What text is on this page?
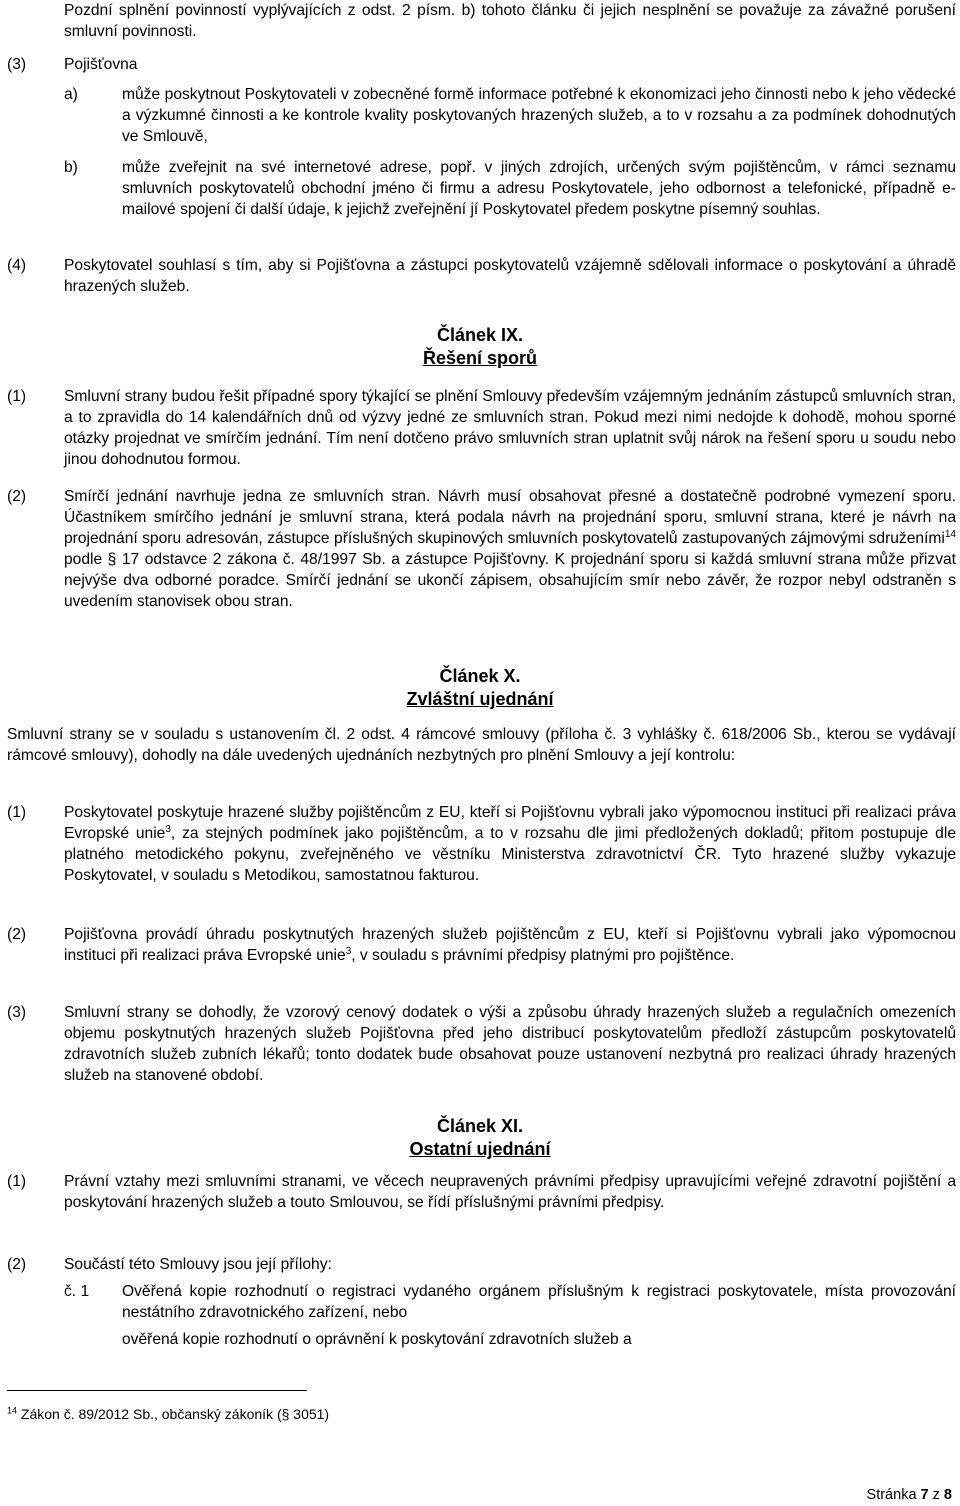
Pozdní splnění povinností vyplývajících z odst. 2 písm. b) tohoto článku či jejich nesplnění se považuje za závažné porušení smluvní povinnosti.
(3) Pojišťovna
a)	může poskytnout Poskytovateli v zobecněné formě informace potřebné k ekonomizaci jeho činnosti nebo k jeho vědecké a výzkumné činnosti a ke kontrole kvality poskytovaných hrazených služeb, a to v rozsahu a za podmínek dohodnutých ve Smlouvě,
b)	může zveřejnit na své internetové adrese, popř. v jiných zdrojích, určených svým pojištěncům, v rámci seznamu smluvních poskytovatelů obchodní jméno či firmu a adresu Poskytovatele, jeho odbornost a telefonické, případně e-mailové spojení či další údaje, k jejichž zveřejnění jí Poskytovatel předem poskytne písemný souhlas.
(4) Poskytovatel souhlasí s tím, aby si Pojišťovna a zástupci poskytovatelů vzájemně sdělovali informace o poskytování a úhradě hrazených služeb.
Článek IX.
Řešení sporů
(1) Smluvní strany budou řešit případné spory týkající se plnění Smlouvy především vzájemným jednáním zástupců smluvních stran, a to zpravidla do 14 kalendářních dnů od výzvy jedné ze smluvních stran. Pokud mezi nimi nedojde k dohodě, mohou sporné otázky projednat ve smírčím jednání. Tím není dotčeno právo smluvních stran uplatnit svůj nárok na řešení sporu u soudu nebo jinou dohodnutou formou.
(2) Smírčí jednání navrhuje jedna ze smluvních stran. Návrh musí obsahovat přesné a dostatečně podrobné vymezení sporu. Účastníkem smírčího jednání je smluvní strana, která podala návrh na projednání sporu, smluvní strana, které je návrh na projednání sporu adresován, zástupce příslušných skupinových smluvních poskytovatelů zastupovaných zájmovými sdruženími$^{14}$ podle § 17 odstavce 2 zákona č. 48/1997 Sb. a zástupce Pojišťovny. K projednání sporu si každá smluvní strana může přizvat nejvýše dva odborné poradce. Smírčí jednání se ukončí zápisem, obsahujícím smír nebo závěr, že rozpor nebyl odstraněn s uvedením stanovisek obou stran.
Článek X.
Zvláštní ujednání
Smluvní strany se v souladu s ustanovením čl. 2 odst. 4 rámcové smlouvy (příloha č. 3 vyhlášky č. 618/2006 Sb., kterou se vydávají rámcové smlouvy), dohodly na dále uvedených ujednáních nezbytných pro plnění Smlouvy a její kontrolu:
(1) Poskytovatel poskytuje hrazené služby pojištěncům z EU, kteří si Pojišťovnu vybrali jako výpomocnou instituci při realizaci práva Evropské unie$^3$, za stejných podmínek jako pojištěncům, a to v rozsahu dle jimi předložených dokladů; přitom postupuje dle platného metodického pokynu, zveřejněného ve věstníku Ministerstva zdravotnictví ČR. Tyto hrazené služby vykazuje Poskytovatel, v souladu s Metodikou, samostatnou fakturou.
(2) Pojišťovna provádí úhradu poskytnutých hrazených služeb pojištěncům z EU, kteří si Pojišťovnu vybrali jako výpomocnou instituci při realizaci práva Evropské unie$^3$, v souladu s právními předpisy platnými pro pojištěnce.
(3) Smluvní strany se dohodly, že vzorový cenový dodatek o výši a způsobu úhrady hrazených služeb a regulačních omezeních objemu poskytnutých hrazených služeb Pojišťovna před jeho distribucí poskytovatelům předloží zástupcům poskytovatelů zdravotních služeb zubních lékařů; tonto dodatek bude obsahovat pouze ustanovení nezbytná pro realizaci úhrady hrazených služeb na stanovené období.
Článek XI.
Ostatní ujednání
(1) Právní vztahy mezi smluvními stranami, ve věcech neupravených právními předpisy upravujícími veřejné zdravotní pojištění a poskytování hrazených služeb a touto Smlouvou, se řídí příslušnými právními předpisy.
(2) Součástí této Smlouvy jsou její přílohy:
č. 1 Ověřená kopie rozhodnutí o registraci vydaného orgánem příslušným k registraci poskytovatele, místa provozování nestátního zdravotnického zařízení, nebo
ověřená kopie rozhodnutí o oprávnění k poskytování zdravotních služeb a
$^{14}$ Zákon č. 89/2012 Sb., občanský zákoník (§ 3051)
Stránka 7 z 8
